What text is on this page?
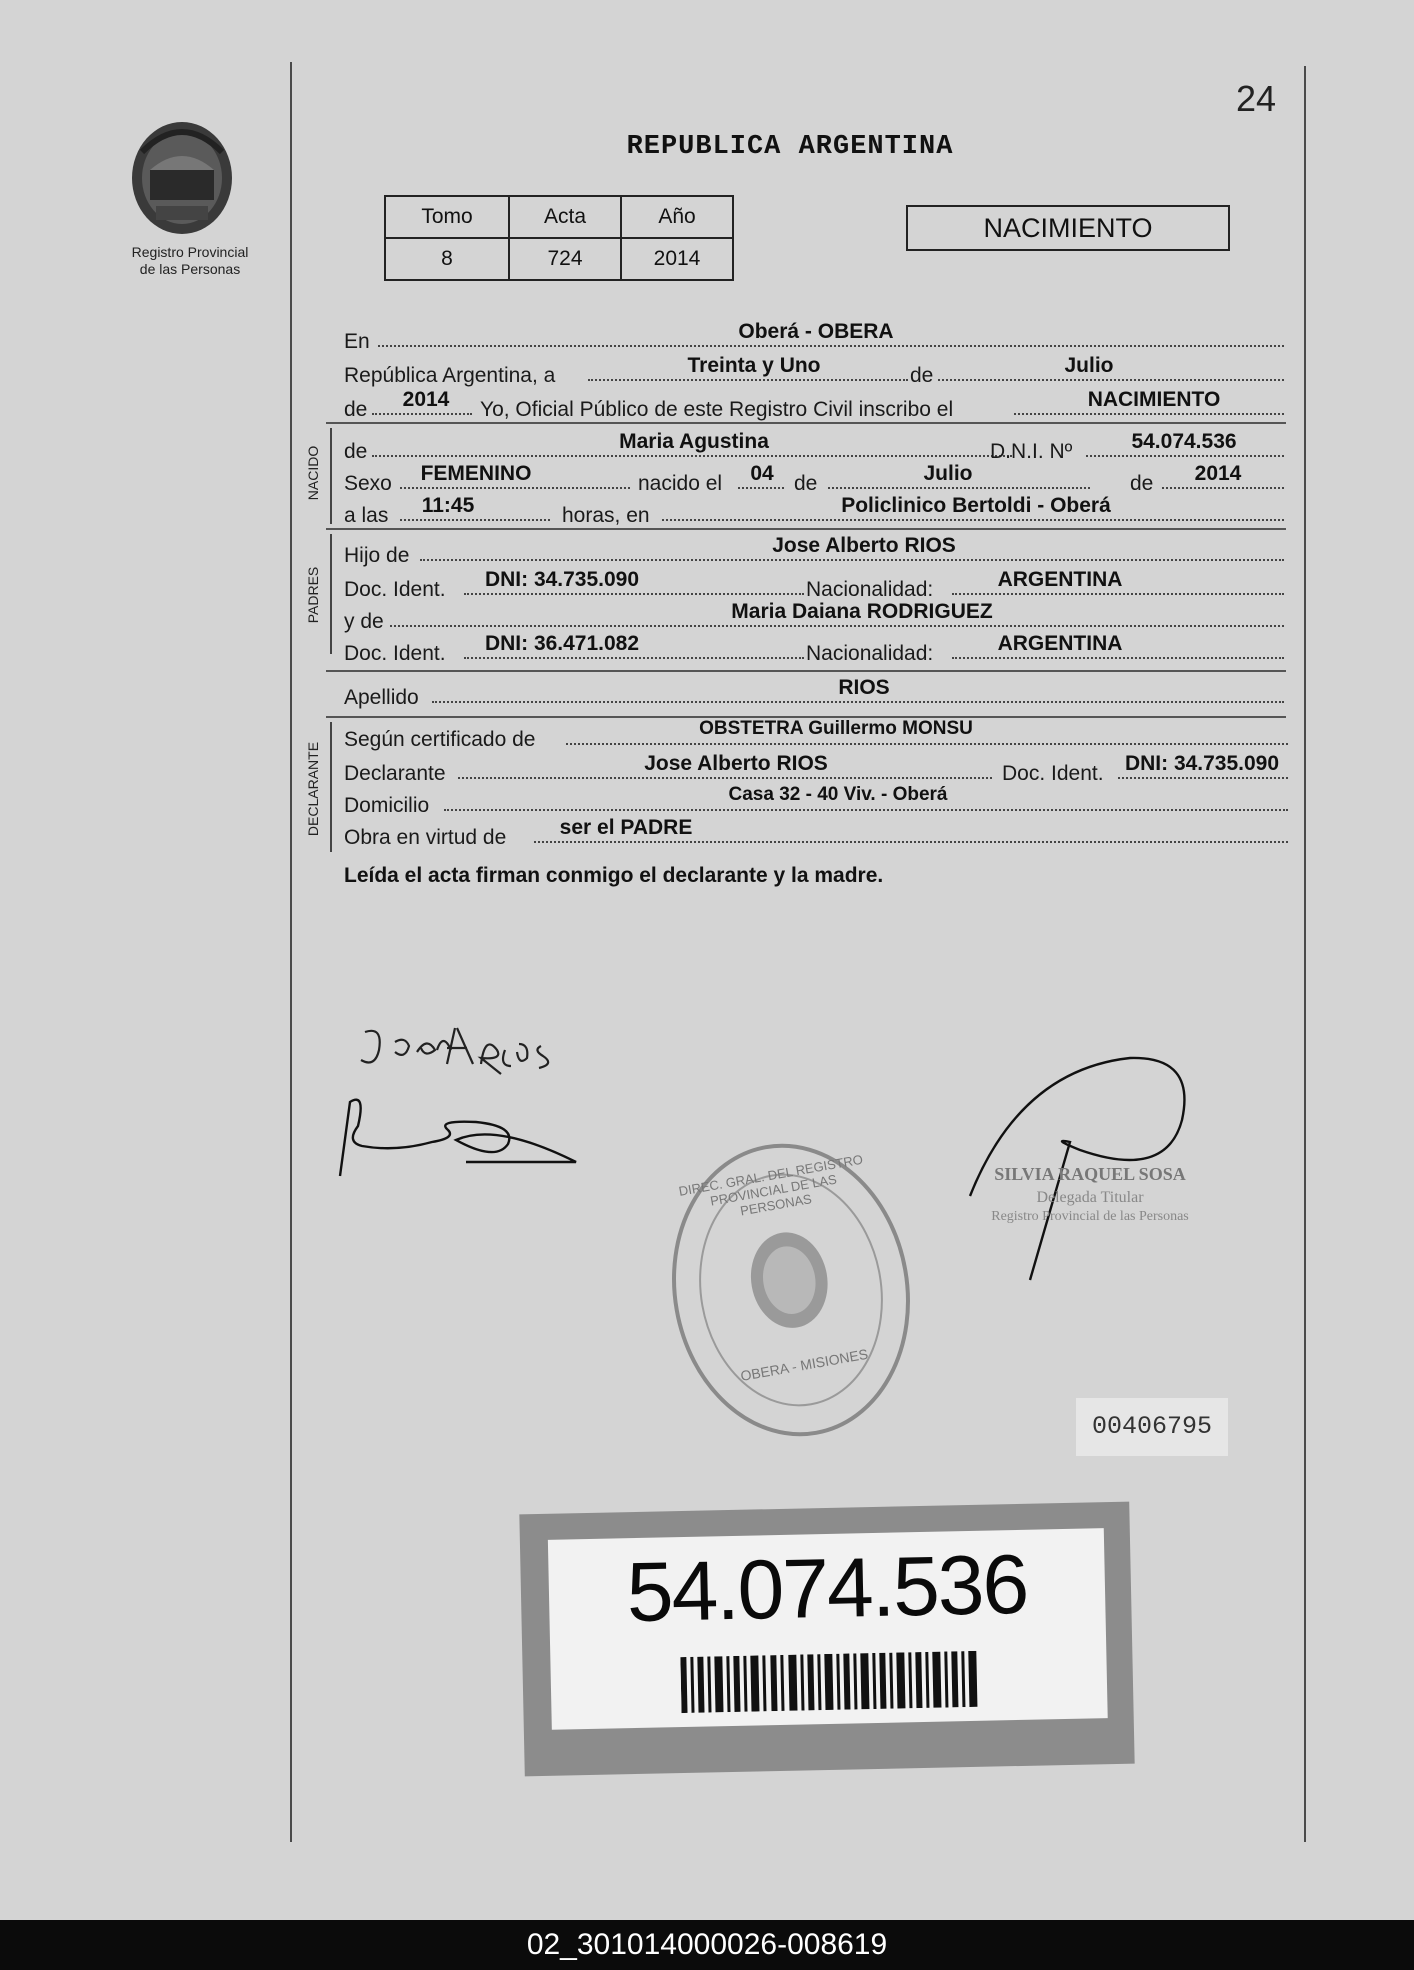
Registro Provincial
de las Personas
REPUBLICA ARGENTINA
24
Tomo	Acta	Año
8	724	2014
NACIMIENTO
En	Oberá - OBERA
República Argentina, a	Treinta y Uno	de	Julio
de 2014 Yo, Oficial Público de este Registro Civil inscribo el	NACIMIENTO
NACIDO de	Maria Agustina	D.N.I. Nº	54.074.536
Sexo FEMENINO	nacido el 04 de	Julio	de 2014
a las 11:45	horas, en	Policlinico Bertoldi - Oberá
PADRES
Hijo de	Jose Alberto RIOS
Doc. Ident. DNI: 34.735.090	Nacionalidad:	ARGENTINA
y de	Maria Daiana RODRIGUEZ
Doc. Ident. DNI: 36.471.082	Nacionalidad:	ARGENTINA
Apellido	RIOS
DECLARANTE
Según certificado de	OBSTETRA Guillermo MONSU
Declarante	Jose Alberto RIOS	Doc. Ident. DNI: 34.735.090
Domicilio	Casa 32 - 40 Viv. - Oberá
Obra en virtud de	ser el PADRE
Leída el acta firman conmigo el declarante y la madre.
SILVIA RAQUEL SOSA
Delegada Titular
Registro Provincial de las Personas
DIREC. GRAL. DEL REGISTRO PROVINCIAL DE LAS PERSONAS
OBERA - MISIONES
00406795
54.074.536
02_301014000026-008619
